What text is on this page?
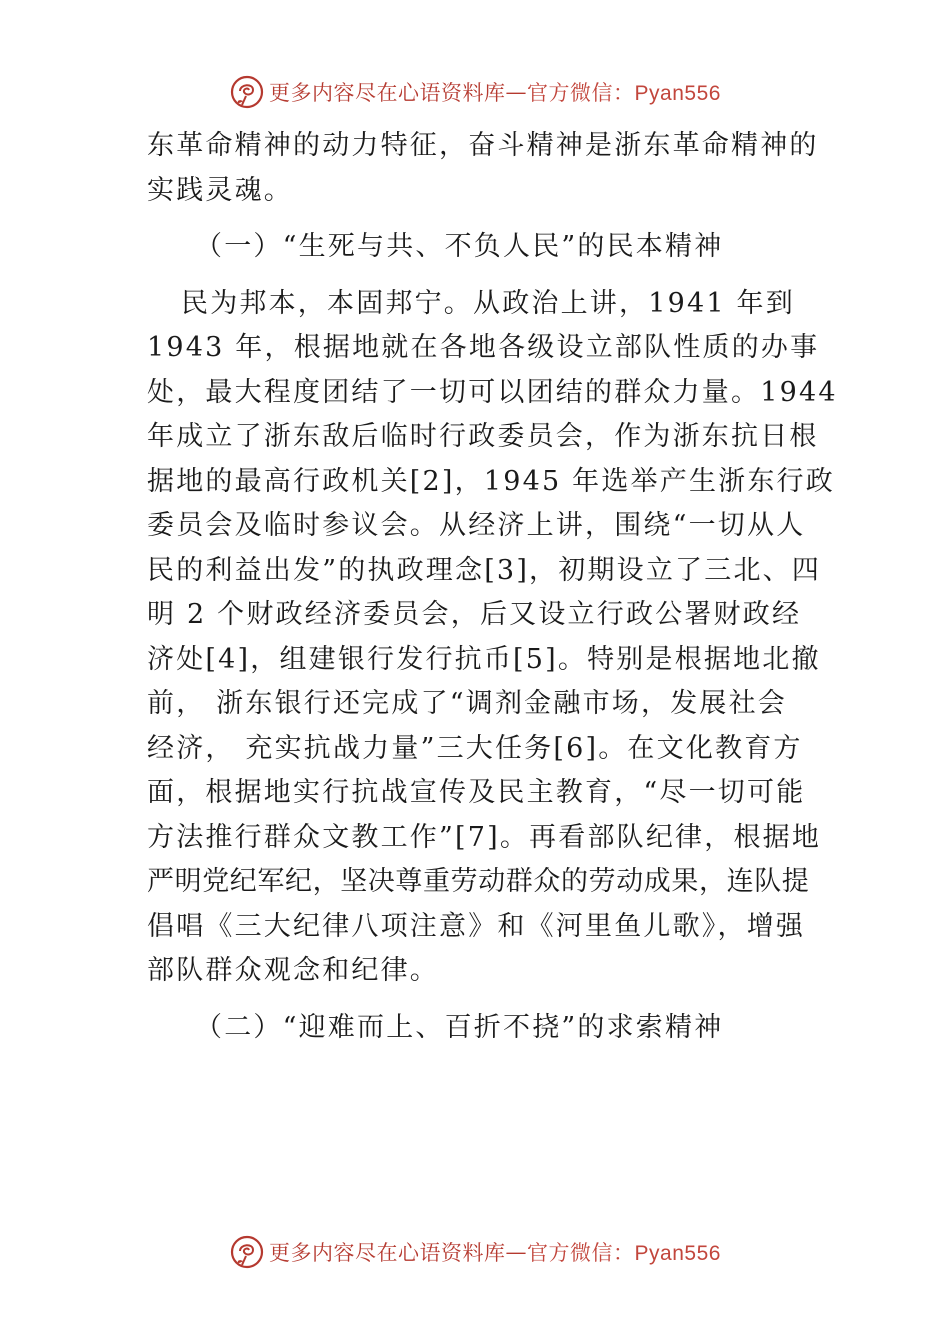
更多内容尽在心语资料库 — 官方微信：Pyan556
东革命精神的动力特征，奋斗精神是浙东革命精神的
实践灵魂。
（一）“生死与共、不负人民”的民本精神
民为邦本，本固邦宁。从政治上讲，1941 年到
1943 年，根据地就在各地各级设立部队性质的办事
处，最大程度团结了一切可以团结的群众力量。1944
年成立了浙东敌后临时行政委员会，作为浙东抗日根
据地的最高行政机关[2]，1945 年选举产生浙东行政
委员会及临时参议会。从经济上讲，围绕“一切从人
民的利益出发”的执政理念[3]，初期设立了三北、四
明 2 个财政经济委员会，后又设立行政公署财政经
济处[4]，组建银行发行抗币[5]。特别是根据地北撤
前， 浙东银行还完成了“调剂金融市场，发展社会
经济， 充实抗战力量”三大任务[6]。在文化教育方
面，根据地实行抗战宣传及民主教育，“尽一切可能
方法推行群众文教工作”[7]。再看部队纪律，根据地
严明党纪军纪，坚决尊重劳动群众的劳动成果，连队提
倡唱《三大纪律八项注意》和《河里鱼儿歌》，增强
部队群众观念和纪律。
（二）“迎难而上、百折不挠”的求索精神
更多内容尽在心语资料库 — 官方微信：Pyan556
